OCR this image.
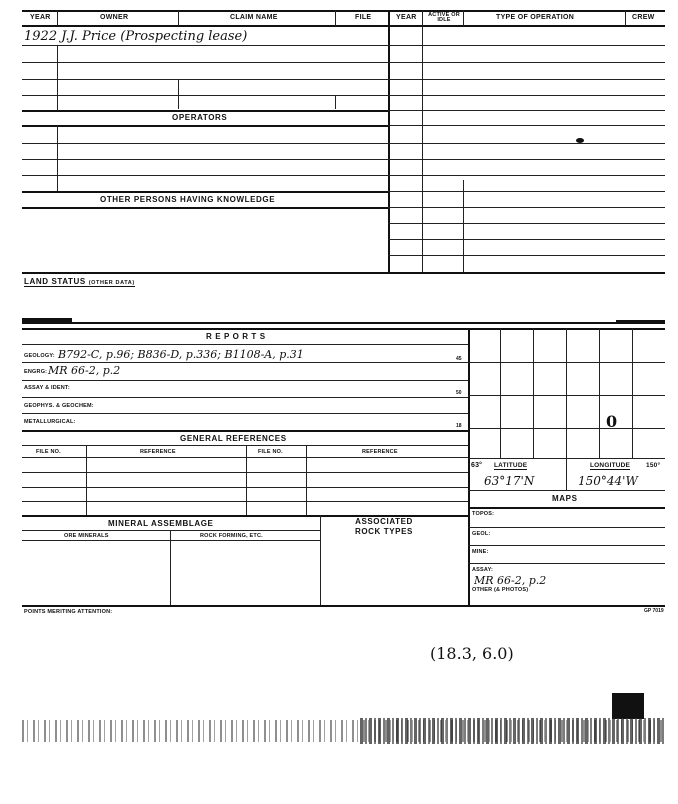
YEAR	OWNER	CLAIM NAME	FILE	YEAR	ACTIVE OR IDLE	TYPE OF OPERATION	CREW
1922 J.J. Price (Prospecting lease)
OPERATORS
OTHER PERSONS HAVING KNOWLEDGE
LAND STATUS (OTHER DATA)
R E P O R T S
GEOLOGY: B792-C, p.96; B836-D, p.336; B1108-A, p.31	45
ENGRG: MR 66-2, p.2
ASSAY & IDENT:
50
GEOPHYS. & GEOCHEM:
METALLURGICAL:
18
GENERAL REFERENCES
FILE NO.	REFERENCE	FILE NO.	REFERENCE
MINERAL ASSEMBLAGE	ASSOCIATED ROCK TYPES
ORE MINERALS	ROCK FORMING, ETC.
0
63° LATITUDE	LONGITUDE 150°
63°17'N	150°44'W
MAPS
TOPOS:
GEOL:
MINE:
ASSAY:
MR 66-2, p.2
OTHER (& PHOTOS)
POINTS MERITING ATTENTION:	GP 7019
(18.3, 6.0)
